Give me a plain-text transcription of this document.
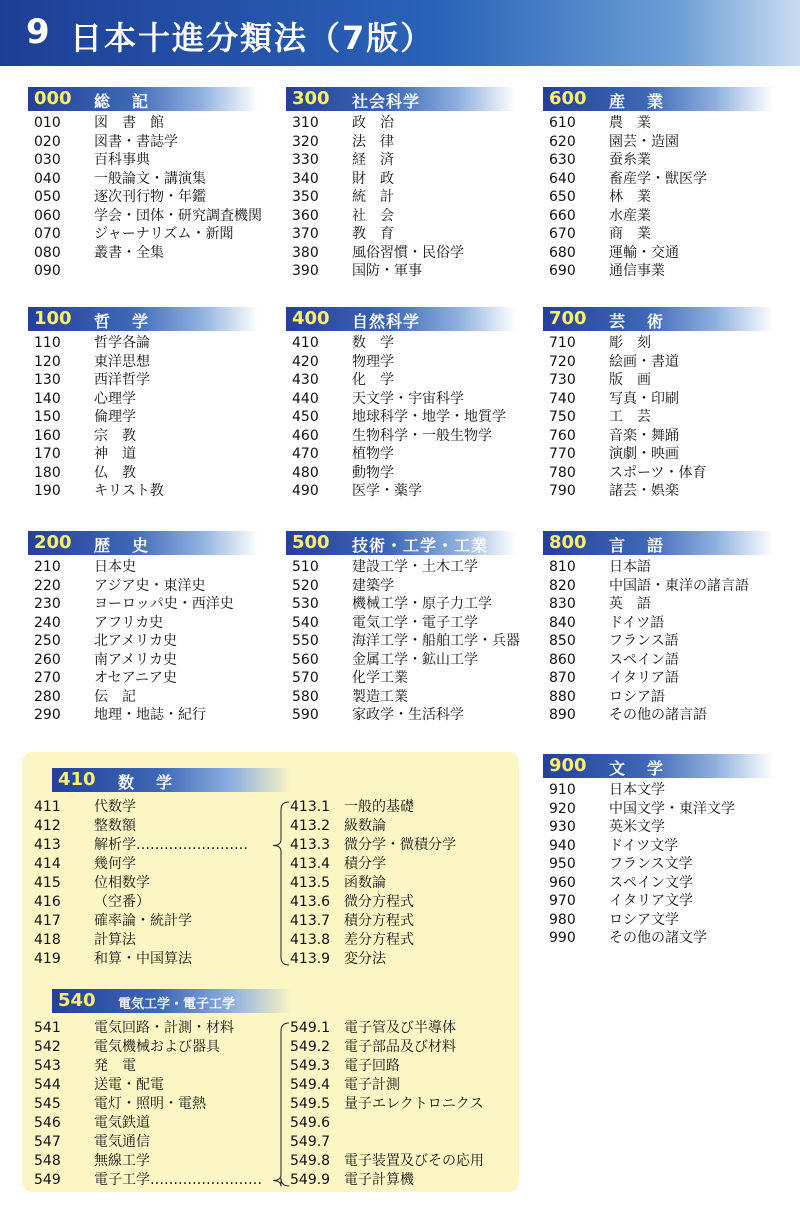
9 日本十進分類法（7版）
000 総記
010 図　書　館
020 図書・書誌学
030 百科事典
040 一般論文・講演集
050 逐次刊行物・年鑑
060 学会・団体・研究調査機関
070 ジャーナリズム・新聞
080 叢書・全集
090
300 社会科学
310 政　治
320 法　律
330 経　済
340 財　政
350 統　計
360 社　会
370 教　育
380 風俗習慣・民俗学
390 国防・軍事
600 産業
610 農　業
620 園芸・造園
630 蚕糸業
640 畜産学・獣医学
650 林　業
660 水産業
670 商　業
680 運輸・交通
690 通信事業
100 哲学
110 哲学各論
120 東洋思想
130 西洋哲学
140 心理学
150 倫理学
160 宗　教
170 神　道
180 仏　教
190 キリスト教
400 自然科学
410 数　学
420 物理学
430 化　学
440 天文学・宇宙科学
450 地球科学・地学・地質学
460 生物科学・一般生物学
470 植物学
480 動物学
490 医学・薬学
700 芸術
710 彫　刻
720 絵画・書道
730 版　画
740 写真・印刷
750 工　芸
760 音楽・舞踊
770 演劇・映画
780 スポーツ・体育
790 諸芸・娯楽
200 歴史
210 日本史
220 アジア史・東洋史
230 ヨーロッパ史・西洋史
240 アフリカ史
250 北アメリカ史
260 南アメリカ史
270 オセアニア史
280 伝　記
290 地理・地誌・紀行
500 技術・工学・工業
510 建設工学・土木工学
520 建築学
530 機械工学・原子力工学
540 電気工学・電子工学
550 海洋工学・船舶工学・兵器
560 金属工学・鉱山工学
570 化学工業
580 製造工業
590 家政学・生活科学
800 言語
810 日本語
820 中国語・東洋の諸言語
830 英　語
840 ドイツ語
850 フランス語
860 スペイン語
870 イタリア語
880 ロシア語
890 その他の諸言語
900 文学
910 日本文学
920 中国文学・東洋文学
930 英米文学
940 ドイツ文学
950 フランス文学
960 スペイン文学
970 イタリア文学
980 ロシア文学
990 その他の諸文学
410 数学
411 代数学
412 整数額
413 解析学……………………
414 幾何学
415 位相数学
416 （空番）
417 確率論・統計学
418 計算法
419 和算・中国算法
413.1 一般的基礎
413.2 級数論
413.3 微分学・微積分学
413.4 積分学
413.5 函数論
413.6 微分方程式
413.7 積分方程式
413.8 差分方程式
413.9 変分法
540 電気工学・電子工学
541 電気回路・計測・材料
542 電気機械および器具
543 発　電
544 送電・配電
545 電灯・照明・電熱
546 電気鉄道
547 電気通信
548 無線工学
549 電子工学……………………
549.1 電子管及び半導体
549.2 電子部品及び材料
549.3 電子回路
549.4 電子計測
549.5 量子エレクトロニクス
549.6
549.7
549.8 電子装置及びその応用
549.9 電子計算機
